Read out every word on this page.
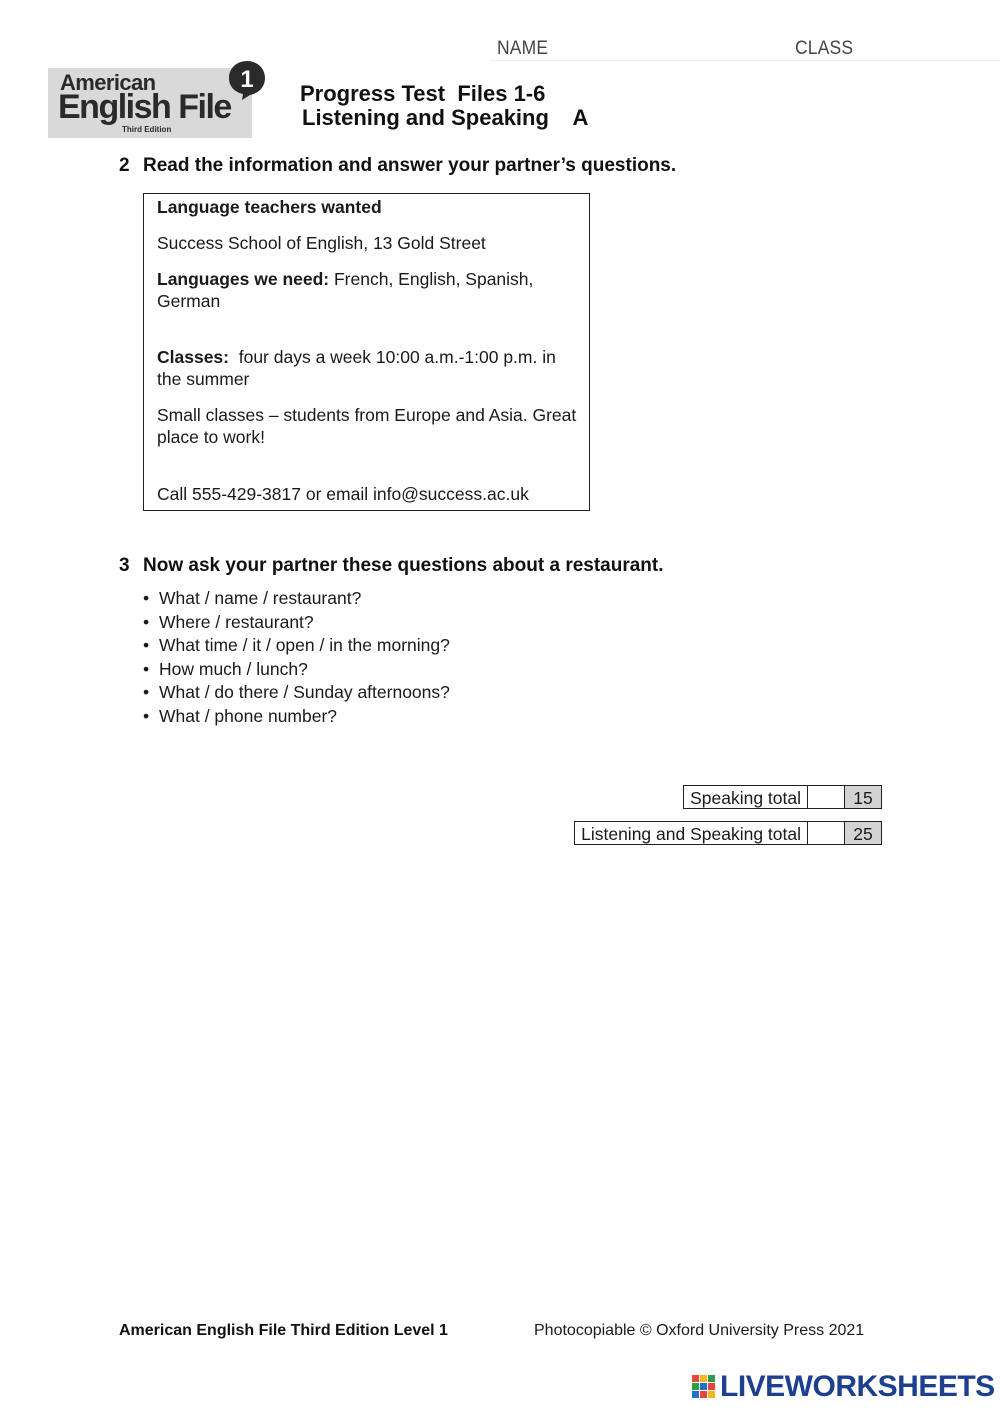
NAME	CLASS
American
English File
Third Edition
1
Progress Test  Files 1-6
Listening and Speaking    A
2 Read the information and answer your partner’s questions.
Language teachers wanted
Success School of English, 13 Gold Street
Languages we need: French, English, Spanish, German
Classes:  four days a week 10:00 a.m.-1:00 p.m. in the summer
Small classes – students from Europe and Asia. Great place to work!
Call 555-429-3817 or email info@success.ac.uk
3 Now ask your partner these questions about a restaurant.
• What / name / restaurant?
• Where / restaurant?
• What time / it / open / in the morning?
• How much / lunch?
• What / do there / Sunday afternoons?
• What / phone number?
Speaking total	15
Listening and Speaking total	25
American English File Third Edition Level 1	Photocopiable © Oxford University Press 2021
LIVEWORKSHEETS
